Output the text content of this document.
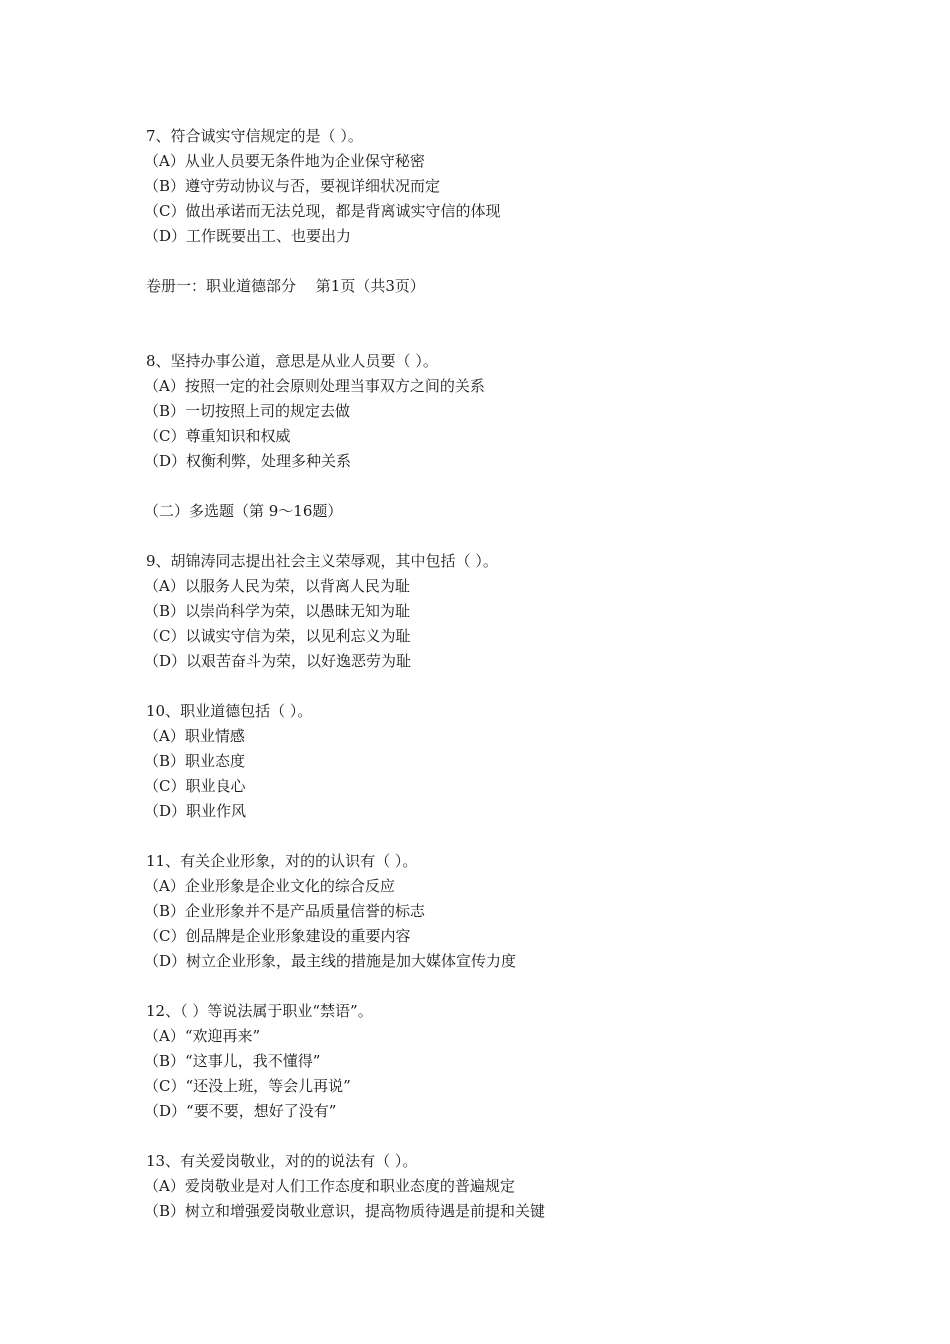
7、符合诚实守信规定的是（ ）。
（A）从业人员要无条件地为企业保守秘密
（B）遵守劳动协议与否，要视详细状况而定
（C）做出承诺而无法兑现，都是背离诚实守信的体现
（D）工作既要出工、也要出力
卷册一：职业道德部分　 第1页（共3页）
8、坚持办事公道，意思是从业人员要（ ）。
（A）按照一定的社会原则处理当事双方之间的关系
（B）一切按照上司的规定去做
（C）尊重知识和权威
（D）权衡利弊，处理多种关系
（二）多选题（第 9～16题）
9、胡锦涛同志提出社会主义荣辱观，其中包括（ ）。
（A）以服务人民为荣，以背离人民为耻
（B）以崇尚科学为荣，以愚昧无知为耻
（C）以诚实守信为荣，以见利忘义为耻
（D）以艰苦奋斗为荣，以好逸恶劳为耻
10、职业道德包括（ ）。
（A）职业情感
（B）职业态度
（C）职业良心
（D）职业作风
11、有关企业形象，对的的认识有（ ）。
（A）企业形象是企业文化的综合反应
（B）企业形象并不是产品质量信誉的标志
（C）创品牌是企业形象建设的重要内容
（D）树立企业形象，最主线的措施是加大媒体宣传力度
12、（ ）等说法属于职业“禁语”。
（A）“欢迎再来”
（B）“这事儿，我不懂得”
（C）“还没上班，等会儿再说”
（D）“要不要，想好了没有”
13、有关爱岗敬业，对的的说法有（ ）。
（A）爱岗敬业是对人们工作态度和职业态度的普遍规定
（B）树立和增强爱岗敬业意识，提高物质待遇是前提和关键
